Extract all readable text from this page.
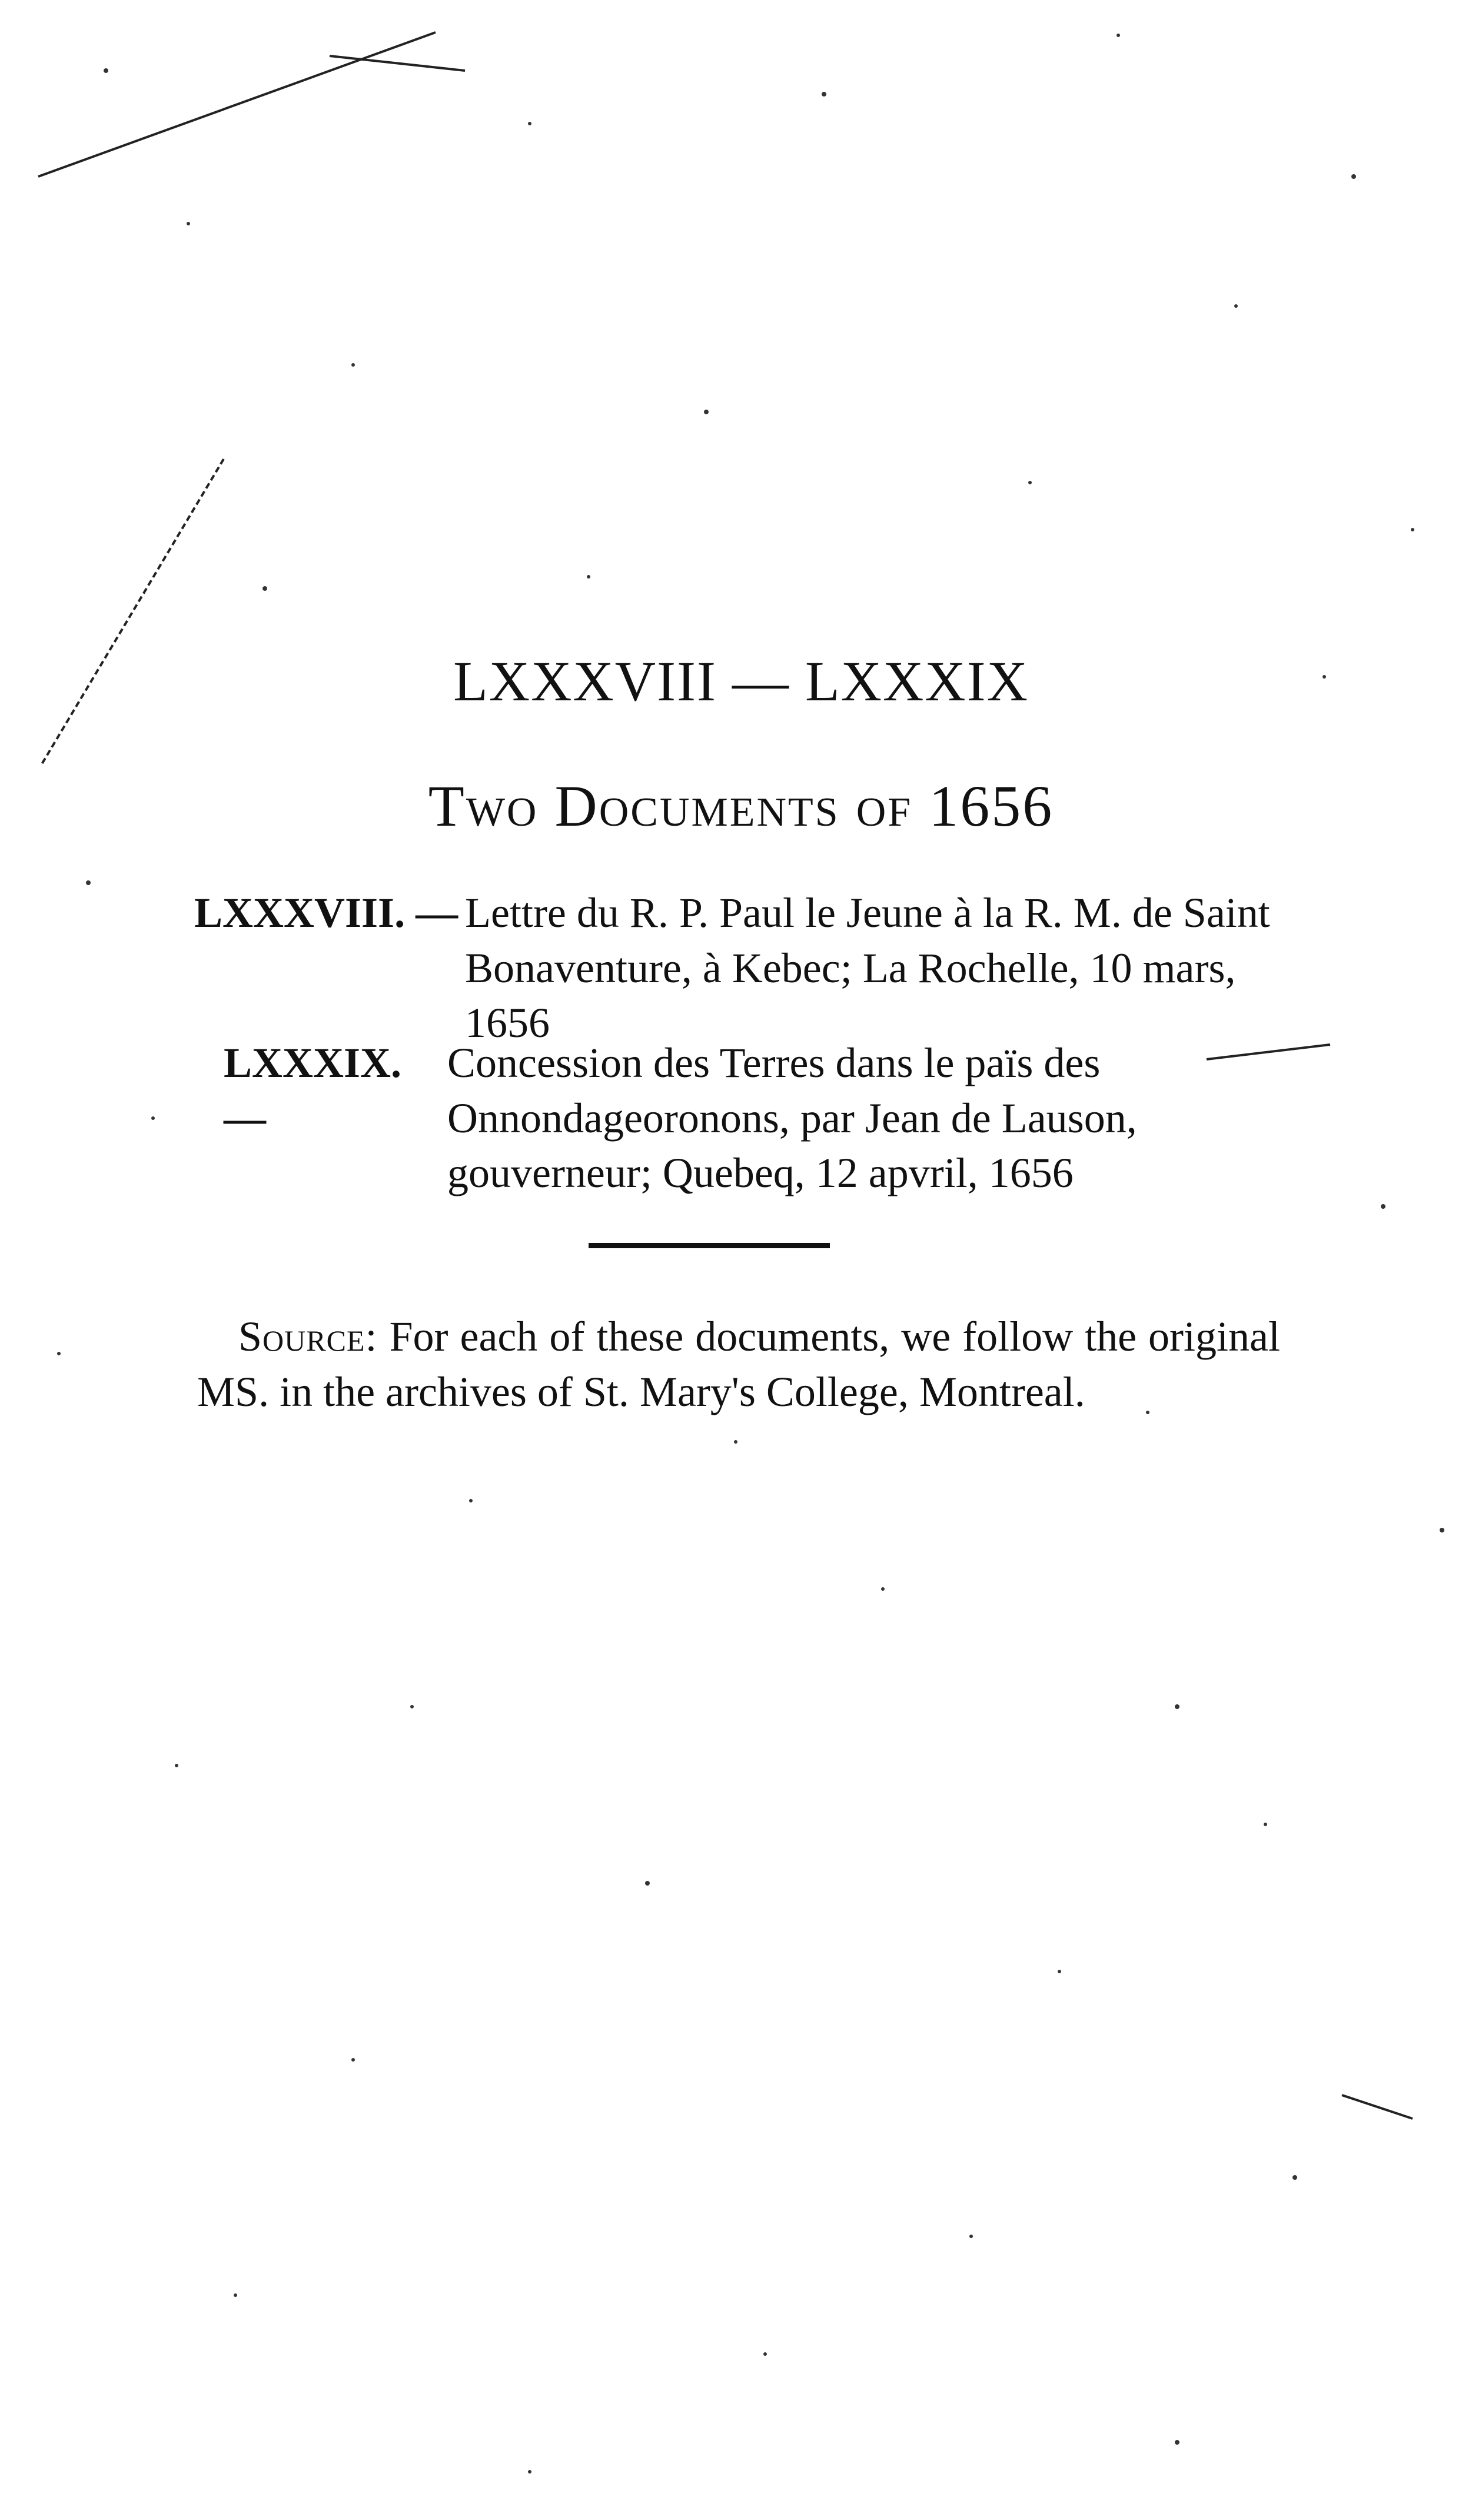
LXXXVIII — LXXXIX
Two Documents of 1656
LXXXVIII. — Lettre du R. P. Paul le Jeune à la R. M. de Saint Bonaventure, à Kebec; La Rochelle, 10 mars, 1656
LXXXIX. —Concession des Terres dans le païs des Onnondageoronons, par Jean de Lauson, gouverneur; Quebeq, 12 apvril, 1656
Source: For each of these documents, we follow the original MS. in the archives of St. Mary's College, Montreal.
